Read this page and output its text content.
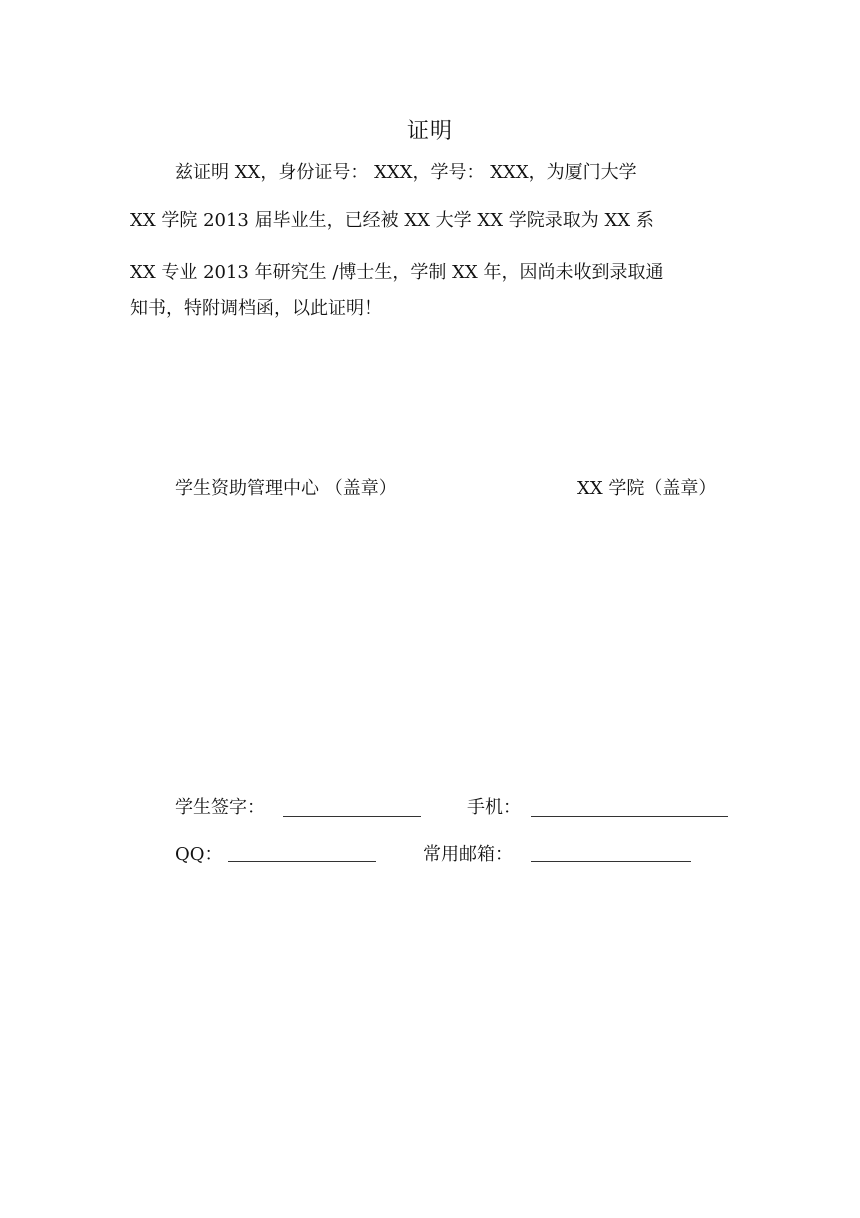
证明
兹证明 XX，身份证号： XXX，学号： XXX，为厦门大学
XX 学院 2013 届毕业生，已经被 XX 大学 XX 学院录取为 XX 系
XX 专业 2013 年研究生 /博士生，学制 XX 年，因尚未收到录取通
知书，特附调档函，以此证明！
学生资助管理中心 （盖章）	XX 学院（盖章）
学生签字：	手机：
QQ：	常用邮箱：
